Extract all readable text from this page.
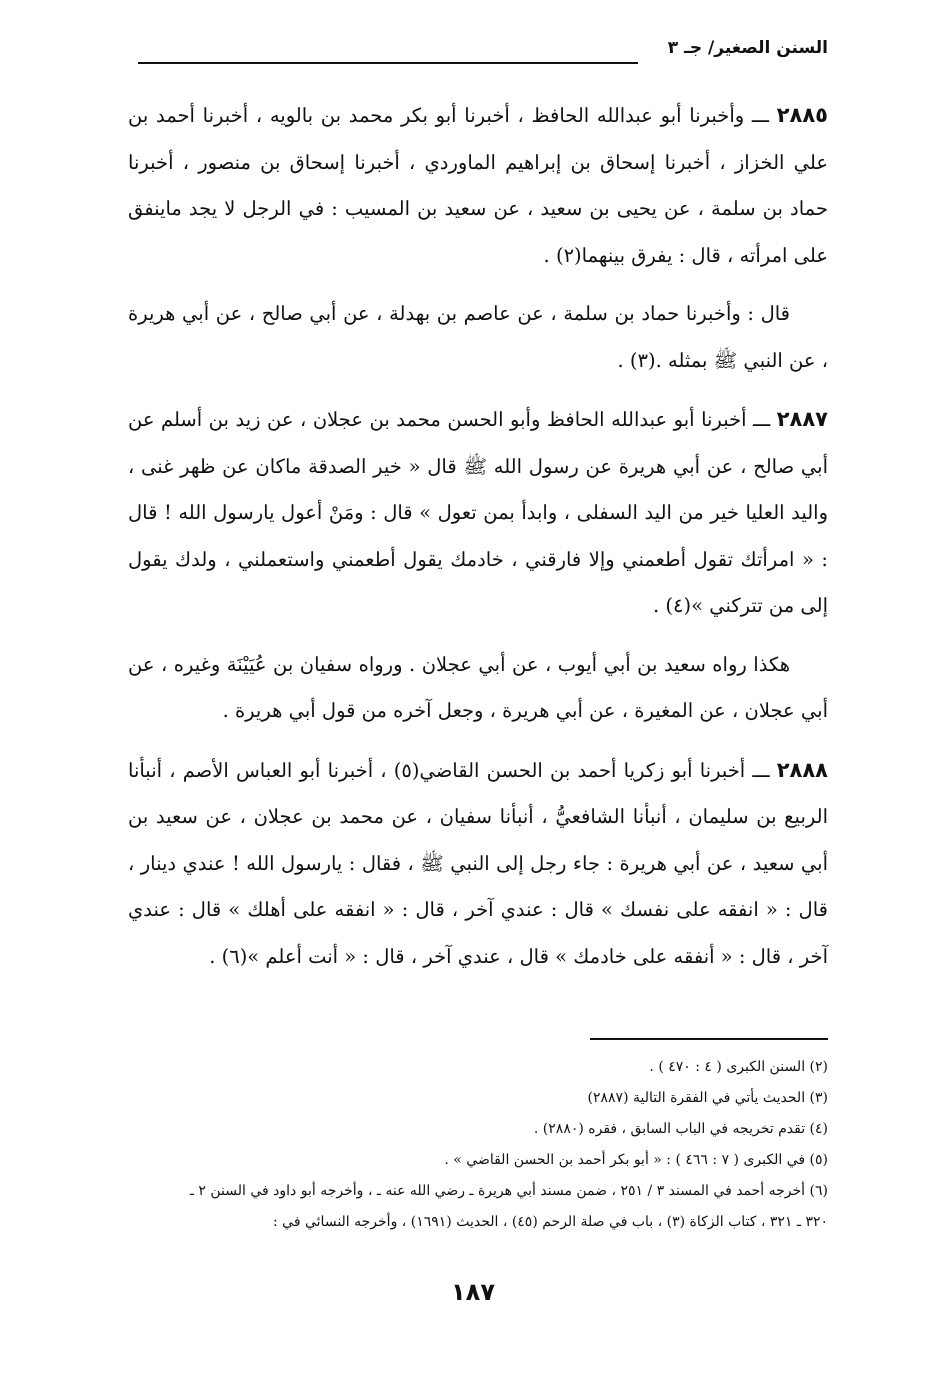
السنن الصغير/ جـ ٣

٢٨٨٥ ـــ وأخبرنا أبو عبدالله الحافظ ، أخبرنا أبو بكر محمد بن بالويه ، أخبرنا أحمد بن علي الخزاز ، أخبرنا إسحاق بن إبراهيم الماوردي ، أخبرنا إسحاق بن منصور ، أخبرنا حماد بن سلمة ، عن يحيى بن سعيد ، عن سعيد بن المسيب : في الرجل لا يجد ماينفق على امرأته ، قال : يفرق بينهما(٢) .

قال : وأخبرنا حماد بن سلمة ، عن عاصم بن بهدلة ، عن أبي صالح ، عن أبي هريرة ، عن النبي ﷺ بمثله .(٣) .

٢٨٨٧ ـــ أخبرنا أبو عبدالله الحافظ وأبو الحسن محمد بن عجلان ، عن زيد بن أسلم عن أبي صالح ، عن أبي هريرة عن رسول الله ﷺ قال « خير الصدقة ماكان عن ظهر غنى ، واليد العليا خير من اليد السفلى ، وابدأ بمن تعول » قال : ومَنْ أعول يارسول الله ! قال : « امرأتك تقول أطعمني وإلا فارقني ، خادمك يقول أطعمني واستعملني ، ولدك يقول إلى من تتركني »(٤) .

هكذا رواه سعيد بن أبي أيوب ، عن أبي عجلان . ورواه سفيان بن عُيَيْنَة وغيره ، عن أبي عجلان ، عن المغيرة ، عن أبي هريرة ، وجعل آخره من قول أبي هريرة .

٢٨٨٨ ـــ أخبرنا أبو زكريا أحمد بن الحسن القاضي(٥) ، أخبرنا أبو العباس الأصم ، أنبأنا الربيع بن سليمان ، أنبأنا الشافعيُّ ، أنبأنا سفيان ، عن محمد بن عجلان ، عن سعيد بن أبي سعيد ، عن أبي هريرة : جاء رجل إلى النبي ﷺ ، فقال : يارسول الله ! عندي دينار ، قال : « انفقه على نفسك » قال : عندي آخر ، قال : « انفقه على أهلك » قال : عندي آخر ، قال : « أنفقه على خادمك » قال ، عندي آخر ، قال : « أنت أعلم »(٦) .

(٢) السنن الكبرى ( ٤ : ٤٧٠ ) .

(٣) الحديث يأتي في الفقرة التالية (٢٨٨٧)

(٤) تقدم تخريجه في الباب السابق ، فقره (٢٨٨٠) .

(٥) في الكبرى ( ٧ : ٤٦٦ ) : « أبو بكر أحمد بن الحسن القاضي » .

(٦) أخرجه أحمد في المسند ٣ / ٢٥١ ، ضمن مسند أبي هريرة ـ رضي الله عنه ـ ، وأخرجه أبو داود في السنن ٢ ـ

٣٢٠ ـ ٣٢١ ، كتاب الزكاة (٣) ، باب في صلة الرحم (٤٥) ، الحديث (١٦٩١) ، وأخرجه النسائي في :

١٨٧
